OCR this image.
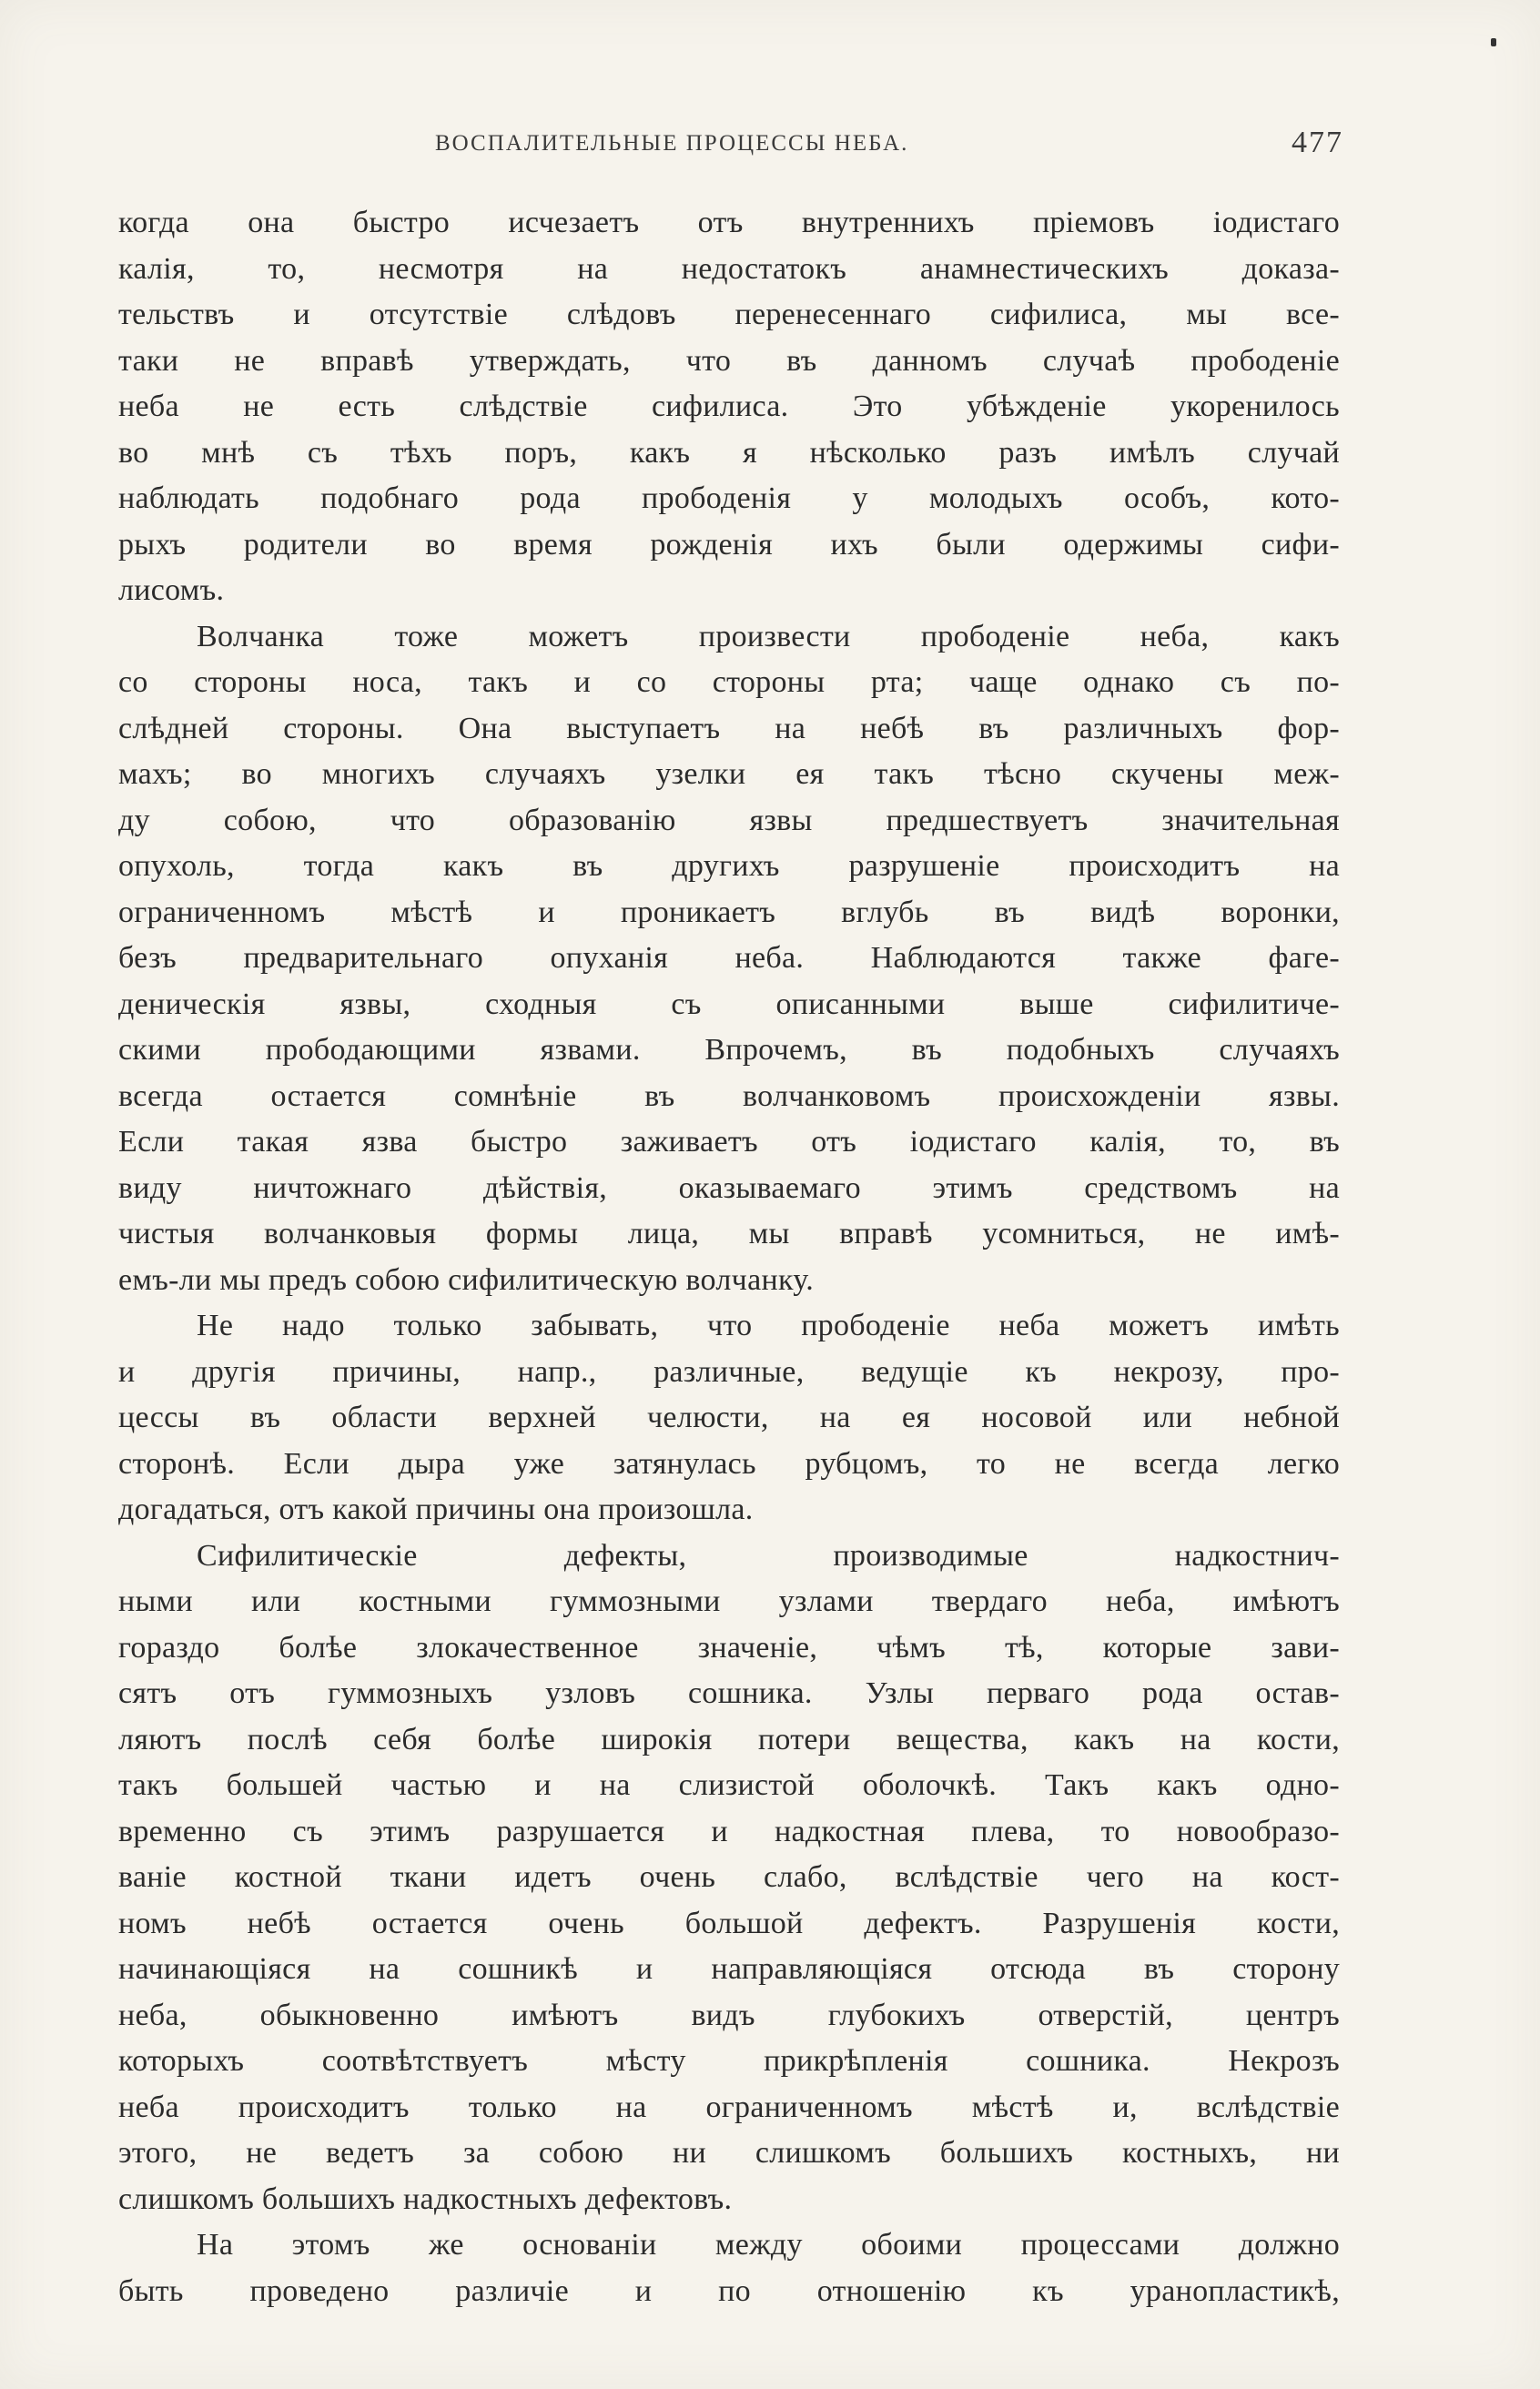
ВОСПАЛИТЕЛЬНЫЕ ПРОЦЕССЫ НЕБА.	477
когда она быстро исчезаетъ отъ внутреннихъ пріемовъ іодистаго
калія, то, несмотря на недостатокъ анамнестическихъ доказа-
тельствъ и отсутствіе слѣдовъ перенесеннаго сифилиса, мы все-
таки не вправѣ утверждать, что въ данномъ случаѣ прободеніе
неба не есть слѣдствіе сифилиса. Это убѣжденіе укоренилось
во мнѣ съ тѣхъ поръ, какъ я нѣсколько разъ имѣлъ случай
наблюдать подобнаго рода прободенія у молодыхъ особъ, кото-
рыхъ родители во время рожденія ихъ были одержимы сифи-
лисомъ.
Волчанка тоже можетъ произвести прободеніе неба, какъ
со стороны носа, такъ и со стороны рта; чаще однако съ по-
слѣдней стороны. Она выступаетъ на небѣ въ различныхъ фор-
махъ; во многихъ случаяхъ узелки ея такъ тѣсно скучены меж-
ду собою, что образованію язвы предшествуетъ значительная
опухоль, тогда какъ въ другихъ разрушеніе происходитъ на
ограниченномъ мѣстѣ и проникаетъ вглубь въ видѣ воронки,
безъ предварительнаго опуханія неба. Наблюдаются также фаге-
деническія язвы, сходныя съ описанными выше сифилитиче-
скими прободающими язвами. Впрочемъ, въ подобныхъ случаяхъ
всегда остается сомнѣніе въ волчанковомъ происхожденіи язвы.
Если такая язва быстро заживаетъ отъ іодистаго калія, то, въ
виду ничтожнаго дѣйствія, оказываемаго этимъ средствомъ на
чистыя волчанковыя формы лица, мы вправѣ усомниться, не имѣ-
емъ-ли мы предъ собою сифилитическую волчанку.
Не надо только забывать, что прободеніе неба можетъ имѣть
и другія причины, напр., различные, ведущіе къ некрозу, про-
цессы въ области верхней челюсти, на ея носовой или небной
сторонѣ. Если дыра уже затянулась рубцомъ, то не всегда легко
догадаться, отъ какой причины она произошла.
Сифилитическіе дефекты, производимые надкостнич-
ными или костными гуммозными узлами твердаго неба, имѣютъ
гораздо болѣе злокачественное значеніе, чѣмъ тѣ, которые зави-
сятъ отъ гуммозныхъ узловъ сошника. Узлы перваго рода остав-
ляютъ послѣ себя болѣе широкія потери вещества, какъ на кости,
такъ большей частью и на слизистой оболочкѣ. Такъ какъ одно-
временно съ этимъ разрушается и надкостная плева, то новообразо-
ваніе костной ткани идетъ очень слабо, вслѣдствіе чего на кост-
номъ небѣ остается очень большой дефектъ. Разрушенія кости,
начинающіяся на сошникѣ и направляющіяся отсюда въ сторону
неба, обыкновенно имѣютъ видъ глубокихъ отверстій, центръ
которыхъ соотвѣтствуетъ мѣсту прикрѣпленія сошника. Некрозъ
неба происходитъ только на ограниченномъ мѣстѣ и, вслѣдствіе
этого, не ведетъ за собою ни слишкомъ большихъ костныхъ, ни
слишкомъ большихъ надкостныхъ дефектовъ.
На этомъ же основаніи между обоими процессами должно
быть проведено различіе и по отношенію къ уранопластикѣ,
